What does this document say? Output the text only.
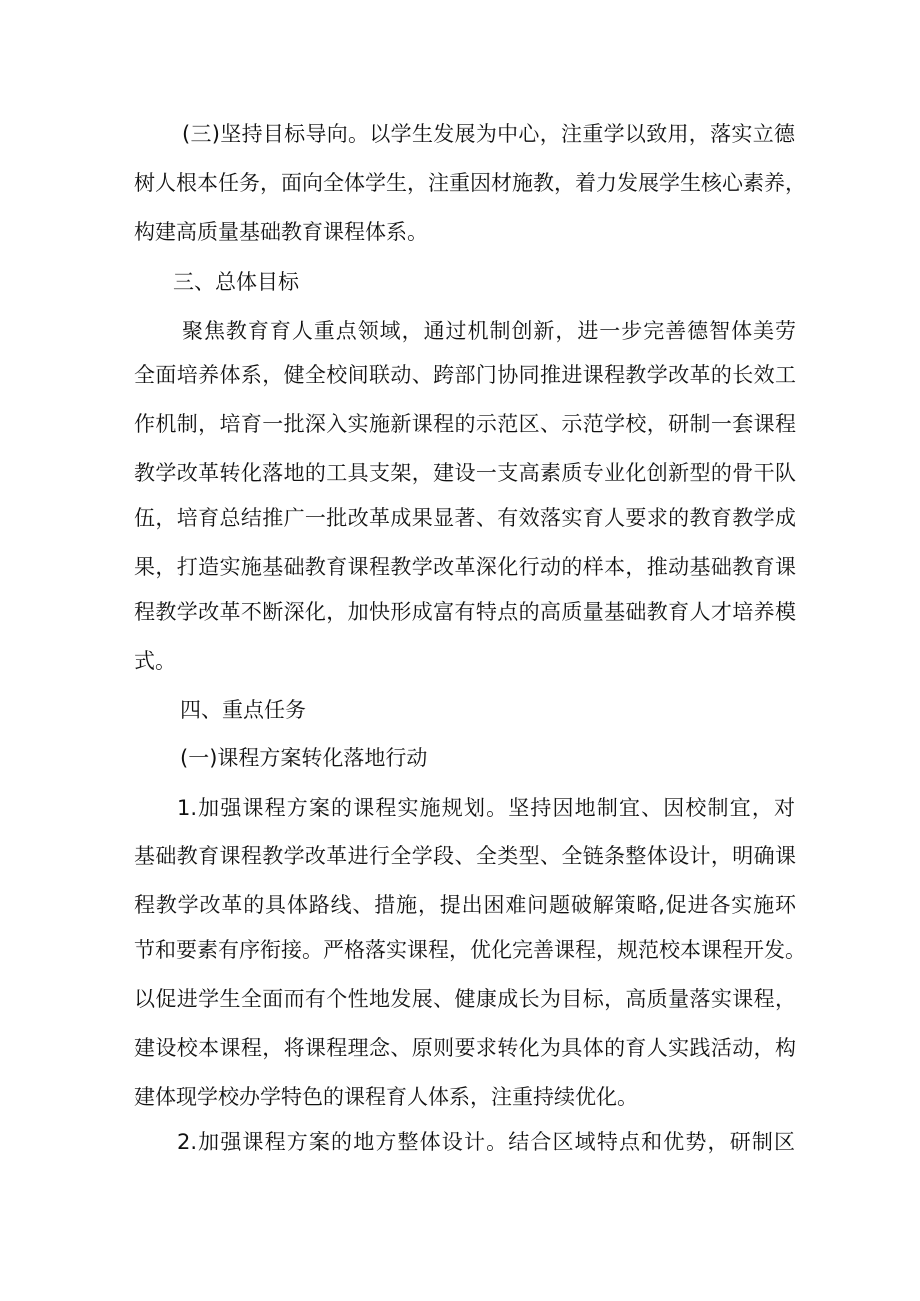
(三)坚持目标导向。以学生发展为中心，注重学以致用，落实立德
树人根本任务，面向全体学生，注重因材施教，着力发展学生核心素养，
构建高质量基础教育课程体系。
三、总体目标
聚焦教育育人重点领域，通过机制创新，进一步完善德智体美劳
全面培养体系，健全校间联动、跨部门协同推进课程教学改革的长效工
作机制，培育一批深入实施新课程的示范区、示范学校，研制一套课程
教学改革转化落地的工具支架，建设一支高素质专业化创新型的骨干队
伍，培育总结推广一批改革成果显著、有效落实育人要求的教育教学成
果，打造实施基础教育课程教学改革深化行动的样本，推动基础教育课
程教学改革不断深化，加快形成富有特点的高质量基础教育人才培养模
式。
四、重点任务
(一)课程方案转化落地行动
1.加强课程方案的课程实施规划。坚持因地制宜、因校制宜，对
基础教育课程教学改革进行全学段、全类型、全链条整体设计，明确课
程教学改革的具体路线、措施，提出困难问题破解策略,促进各实施环
节和要素有序衔接。严格落实课程，优化完善课程，规范校本课程开发。
以促进学生全面而有个性地发展、健康成长为目标，高质量落实课程，
建设校本课程，将课程理念、原则要求转化为具体的育人实践活动，构
建体现学校办学特色的课程育人体系，注重持续优化。
2.加强课程方案的地方整体设计。结合区域特点和优势，研制区
